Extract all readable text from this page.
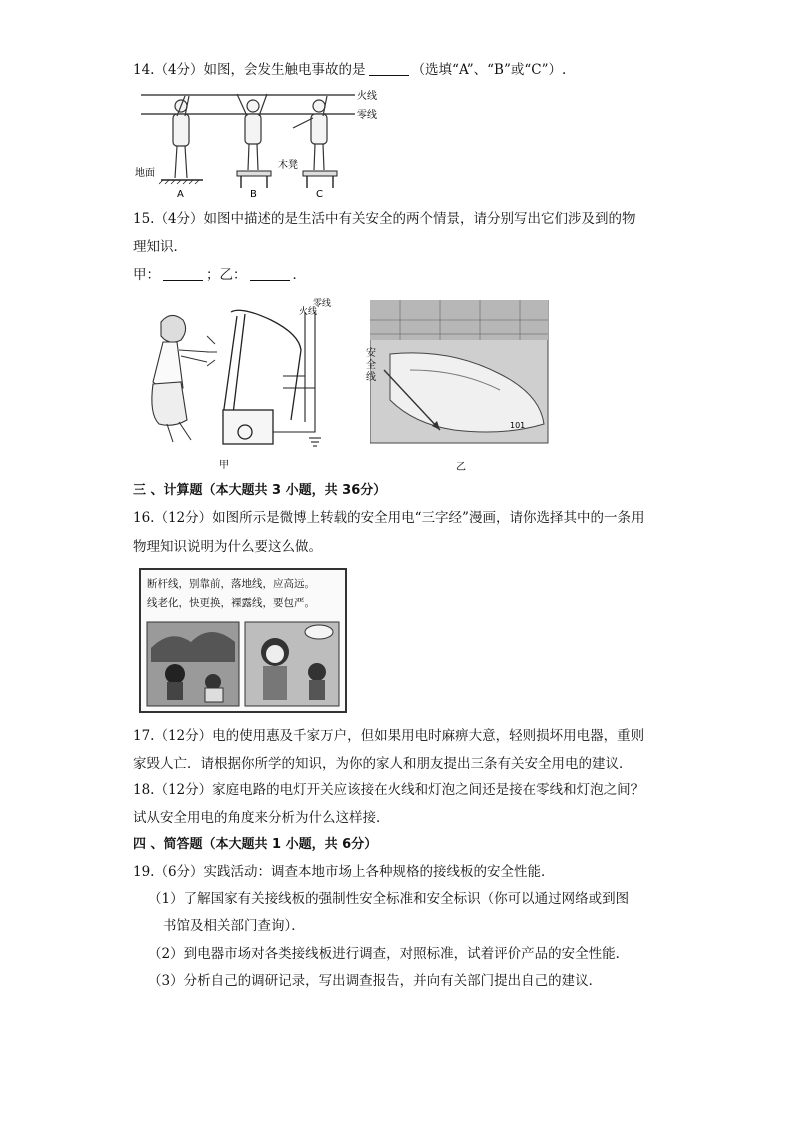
14.（4分）如图，会发生触电事故的是	（选填“A”、“B”或“C”）.
火线
零线
地面
A	B
木凳
C
15.（4分）如图中描述的是生活中有关安全的两个情景，请分别写出它们涉及到的物
理知识．
甲：	；乙：	．
火线
零线
甲
101
乙
安全线
三 、计算题（本大题共 3 小题，共 36分）
16.（12分）如图所示是微博上转载的安全用电“三字经”漫画，请你选择其中的一条用
物理知识说明为什么要这么做。
断杆线，别靠前，落地线，应高远。
线老化，快更换，裸露线，要包严。
17.（12分）电的使用惠及千家万户，但如果用电时麻痹大意，轻则损坏用电器，重则
家毁人亡．请根据你所学的知识，为你的家人和朋友提出三条有关安全用电的建议．
18.（12分）家庭电路的电灯开关应该接在火线和灯泡之间还是接在零线和灯泡之间？
试从安全用电的角度来分析为什么这样接．
四 、简答题（本大题共 1 小题，共 6分）
19.（6分）实践活动：调查本地市场上各种规格的接线板的安全性能．
（1）了解国家有关接线板的强制性安全标准和安全标识（你可以通过网络或到图
书馆及相关部门查询）．
（2）到电器市场对各类接线板进行调查，对照标准，试着评价产品的安全性能．
（3）分析自己的调研记录，写出调查报告，并向有关部门提出自己的建议．
